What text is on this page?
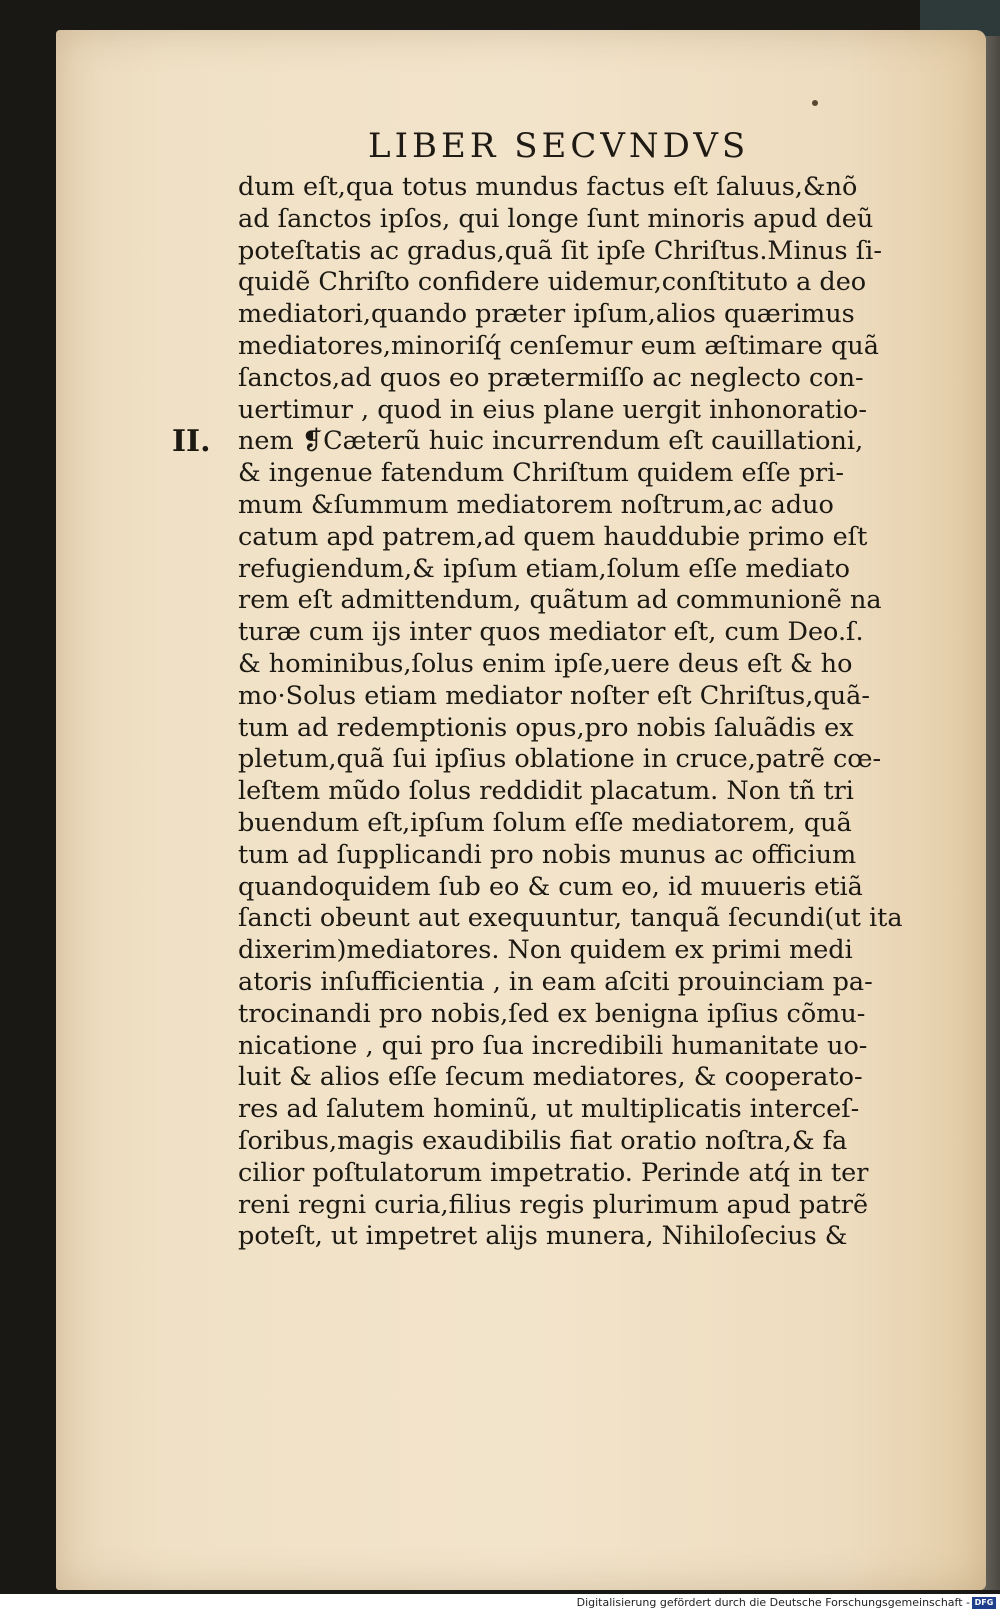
LIBER SECVNDVS
II.
dum eſt,qua totus mundus factus eſt ſaluus,&nõ
ad ſanctos ipſos, qui longe ſunt minoris apud deũ
poteſtatis ac gradus,quã ſit ipſe Chriſtus.Minus ſi-
quidẽ Chriſto confidere uidemur,conſtituto a deo
mediatori,quando præter ipſum,alios quærimus
mediatores,minoriſq́ cenſemur eum æſtimare quã
ſanctos,ad quos eo prætermiſſo ac neglecto con-
uertimur , quod in eius plane uergit inhonoratio-
nem ❡Cæterũ huic incurrendum eſt cauillationi,
& ingenue fatendum Chriſtum quidem eſſe pri-
mum &ſummum mediatorem noſtrum,ac aduo
catum apd patrem,ad quem hauddubie primo eſt
refugiendum,& ipſum etiam,ſolum eſſe mediato
rem eſt admittendum, quãtum ad communionẽ na
turæ cum ijs inter quos mediator eſt, cum Deo.ſ.
& hominibus,ſolus enim ipſe,uere deus eſt & ho
mo·Solus etiam mediator noſter eſt Chriſtus,quã-
tum ad redemptionis opus,pro nobis ſaluãdis ex
pletum,quã ſui ipſius oblatione in cruce,patrẽ cœ-
leſtem mũdo ſolus reddidit placatum. Non tñ tri
buendum eſt,ipſum ſolum eſſe mediatorem, quã
tum ad ſupplicandi pro nobis munus ac officium
quandoquidem ſub eo & cum eo, id muueris etiã
ſancti obeunt aut exequuntur, tanquã ſecundi(ut ita
dixerim)mediatores. Non quidem ex primi medi
atoris inſufficientia , in eam aſciti prouinciam pa-
trocinandi pro nobis,ſed ex benigna ipſius cõmu-
nicatione , qui pro ſua incredibili humanitate uo-
luit & alios eſſe ſecum mediatores, & cooperato-
res ad ſalutem hominũ, ut multiplicatis interceſ-
ſoribus,magis exaudibilis fiat oratio noſtra,& fa
cilior poſtulatorum impetratio. Perinde atq́ in ter
reni regni curia,filius regis plurimum apud patrẽ
poteſt, ut impetret alijs munera, Nihiloſecius &
Digitalisierung gefördert durch die Deutsche Forschungsgemeinschaft - DFG
